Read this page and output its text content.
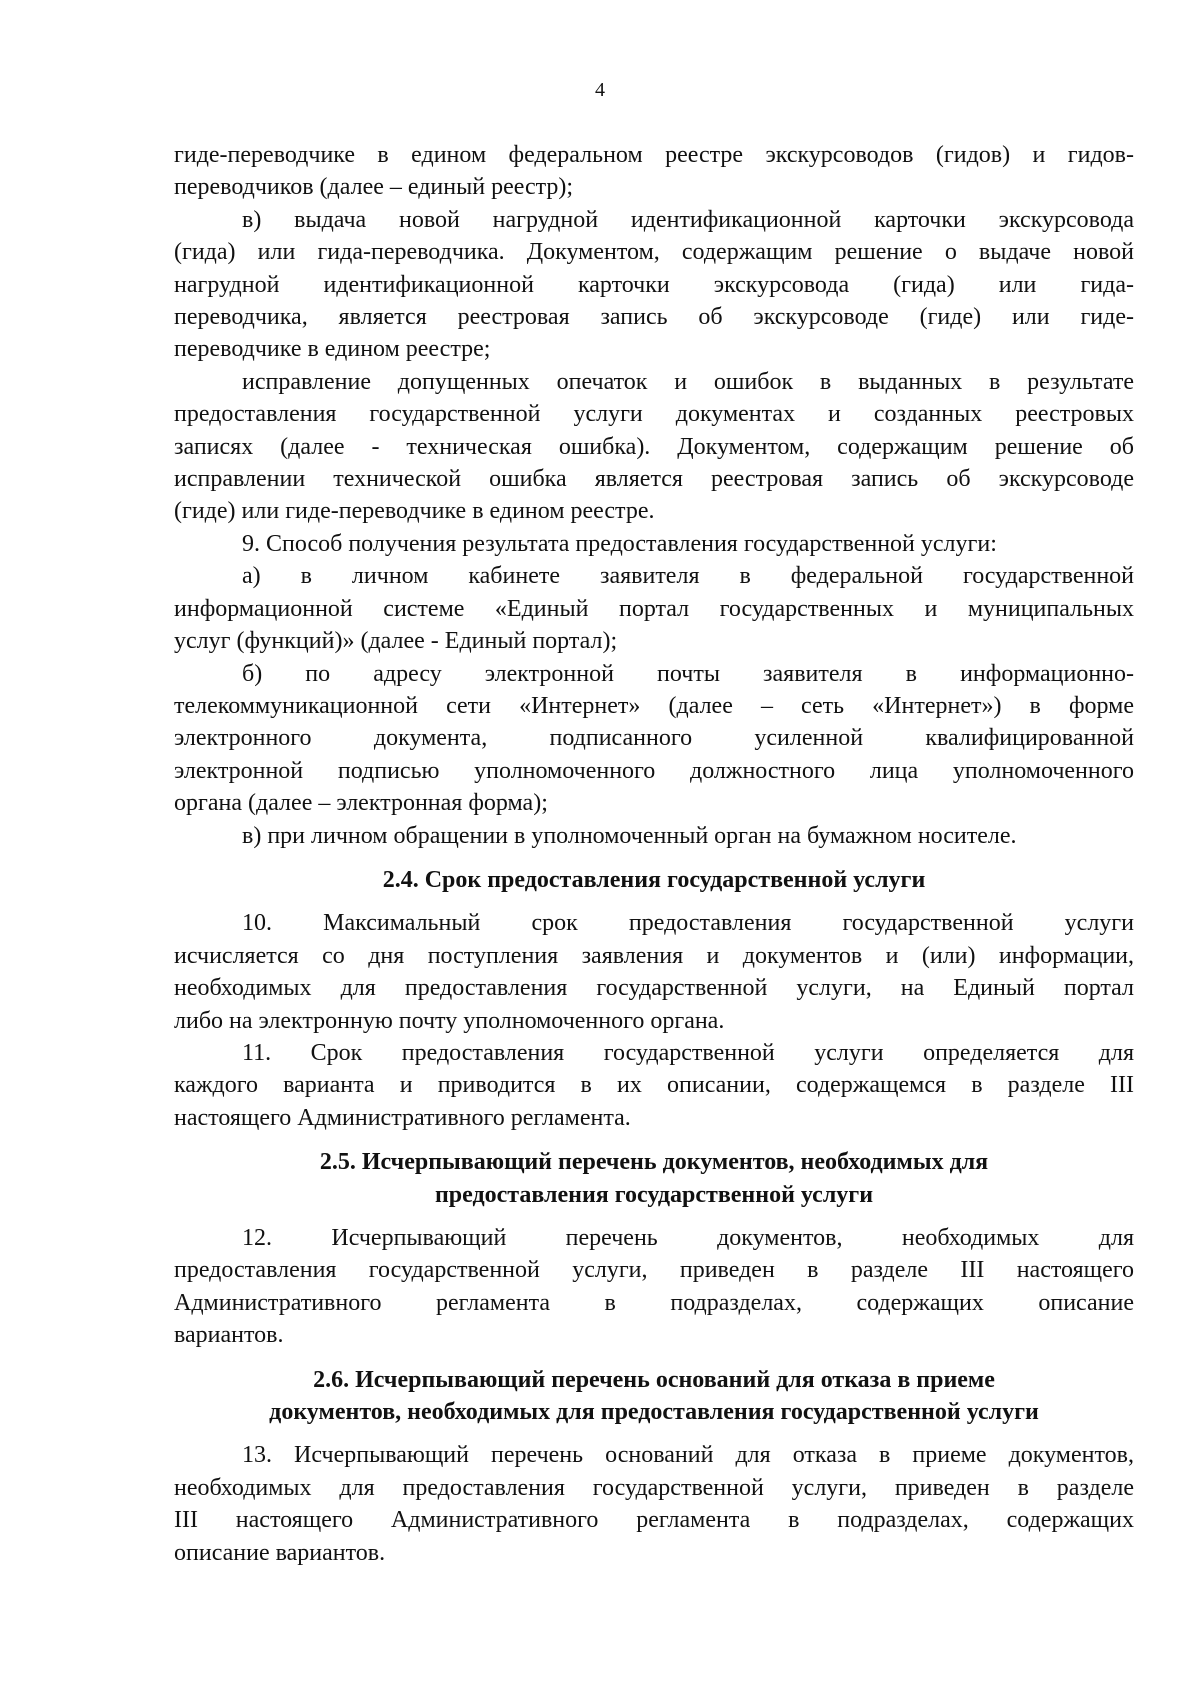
4
гиде-переводчике в едином федеральном реестре экскурсоводов (гидов) и гидов-
переводчиков (далее – единый реестр);
в) выдача новой нагрудной идентификационной карточки экскурсовода
(гида) или гида-переводчика. Документом, содержащим решение о выдаче новой
нагрудной идентификационной карточки экскурсовода (гида) или гида-
переводчика, является реестровая запись об экскурсоводе (гиде) или гиде-
переводчике в едином реестре;
исправление допущенных опечаток и ошибок в выданных в результате
предоставления государственной услуги документах и созданных реестровых
записях (далее - техническая ошибка). Документом, содержащим решение об
исправлении технической ошибка является реестровая запись об экскурсоводе
(гиде) или гиде-переводчике в едином реестре.
9. Способ получения результата предоставления государственной услуги:
а) в личном кабинете заявителя в федеральной государственной
информационной системе «Единый портал государственных и муниципальных
услуг (функций)» (далее - Единый портал);
б) по адресу электронной почты заявителя в информационно-
телекоммуникационной сети «Интернет» (далее – сеть «Интернет») в форме
электронного документа, подписанного усиленной квалифицированной
электронной подписью уполномоченного должностного лица уполномоченного
органа (далее – электронная форма);
в) при личном обращении в уполномоченный орган на бумажном носителе.
2.4. Срок предоставления государственной услуги
10. Максимальный срок предоставления государственной услуги
исчисляется со дня поступления заявления и документов и (или) информации,
необходимых для предоставления государственной услуги, на Единый портал
либо на электронную почту уполномоченного органа.
11. Срок предоставления государственной услуги определяется для
каждого варианта и приводится в их описании, содержащемся в разделе III
настоящего Административного регламента.
2.5. Исчерпывающий перечень документов, необходимых для
предоставления государственной услуги
12. Исчерпывающий перечень документов, необходимых для
предоставления государственной услуги, приведен в разделе III настоящего
Административного регламента в подразделах, содержащих описание
вариантов.
2.6. Исчерпывающий перечень оснований для отказа в приеме
документов, необходимых для предоставления государственной услуги
13. Исчерпывающий перечень оснований для отказа в приеме документов,
необходимых для предоставления государственной услуги, приведен в разделе
III настоящего Административного регламента в подразделах, содержащих
описание вариантов.
